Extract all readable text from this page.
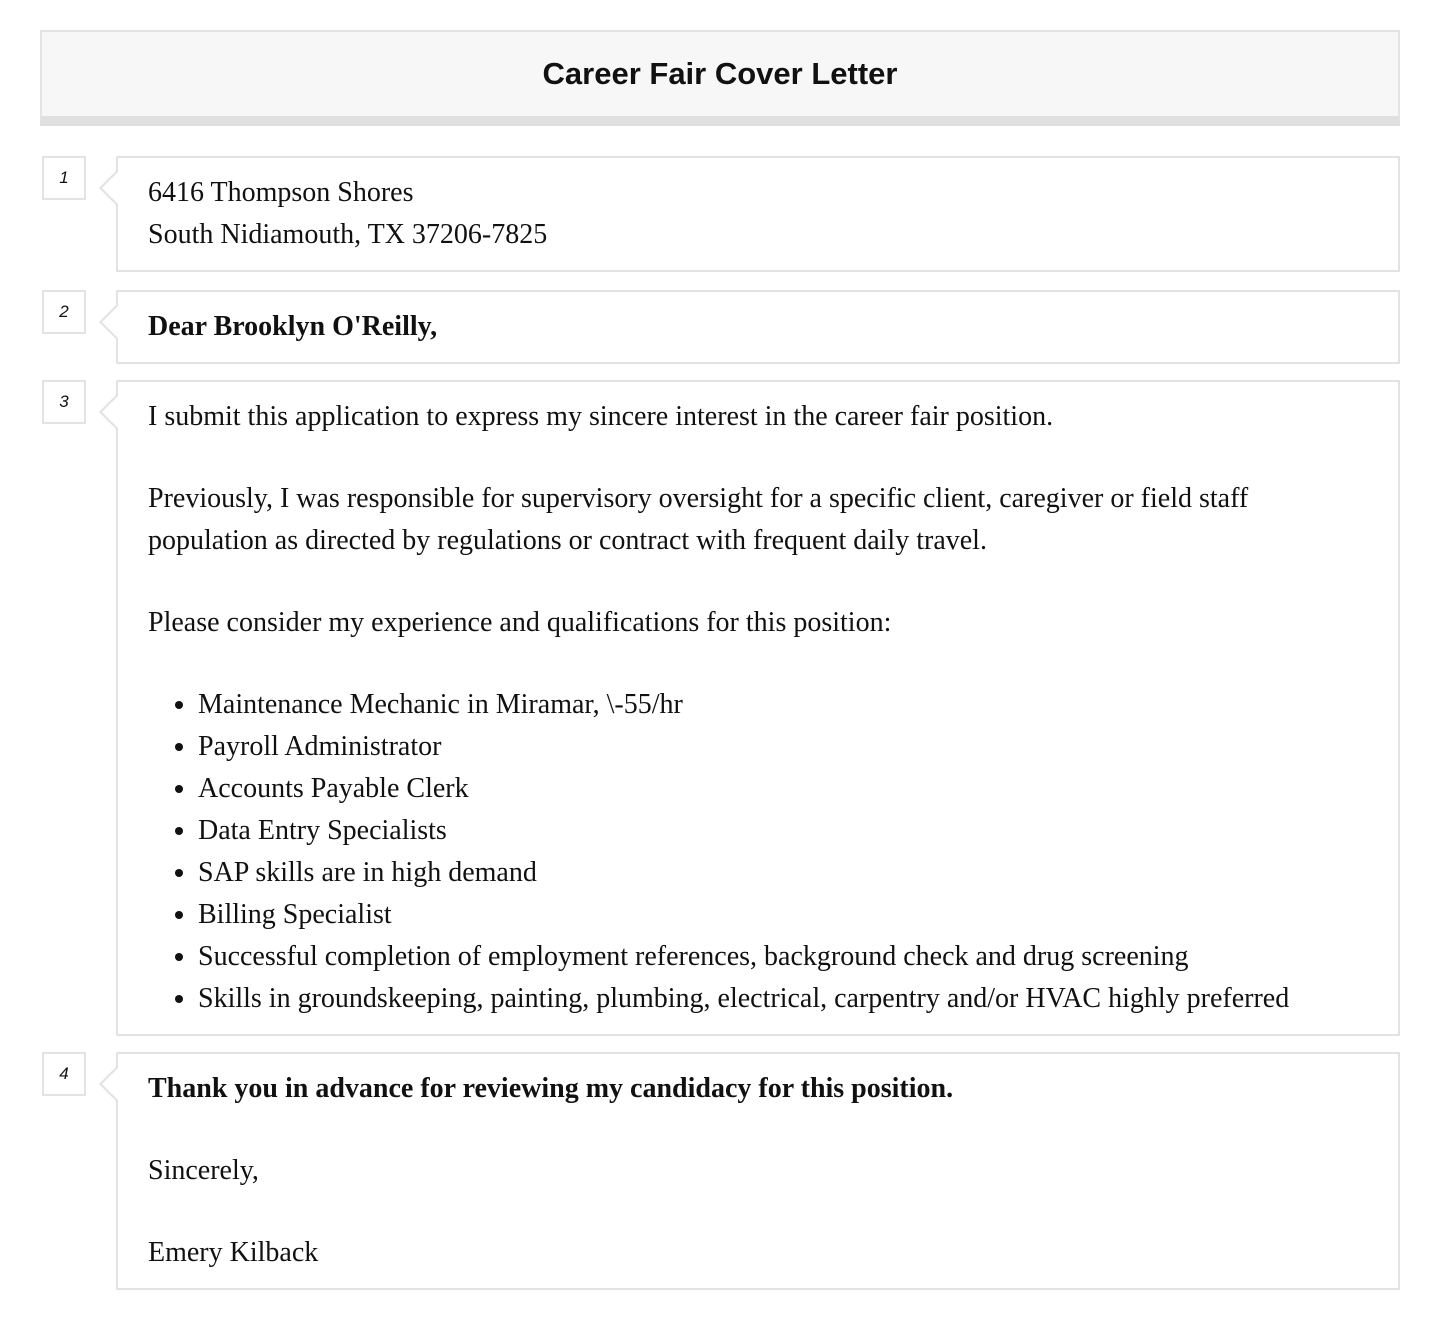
Career Fair Cover Letter
1	6416 Thompson Shores

South Nidiamouth, TX 37206-7825

2	Dear Brooklyn O'Reilly,

3	I submit this application to express my sincere interest in the career fair position.

Previously, I was responsible for supervisory oversight for a specific client, caregiver or field staff population as directed by regulations or contract with frequent daily travel.

Please consider my experience and qualifications for this position:

• Maintenance Mechanic in Miramar, \-55/hr
• Payroll Administrator
• Accounts Payable Clerk
• Data Entry Specialists
• SAP skills are in high demand
• Billing Specialist
• Successful completion of employment references, background check and drug screening
• Skills in groundskeeping, painting, plumbing, electrical, carpentry and/or HVAC highly preferred
4	Thank you in advance for reviewing my candidacy for this position.

Sincerely,

Emery Kilback
